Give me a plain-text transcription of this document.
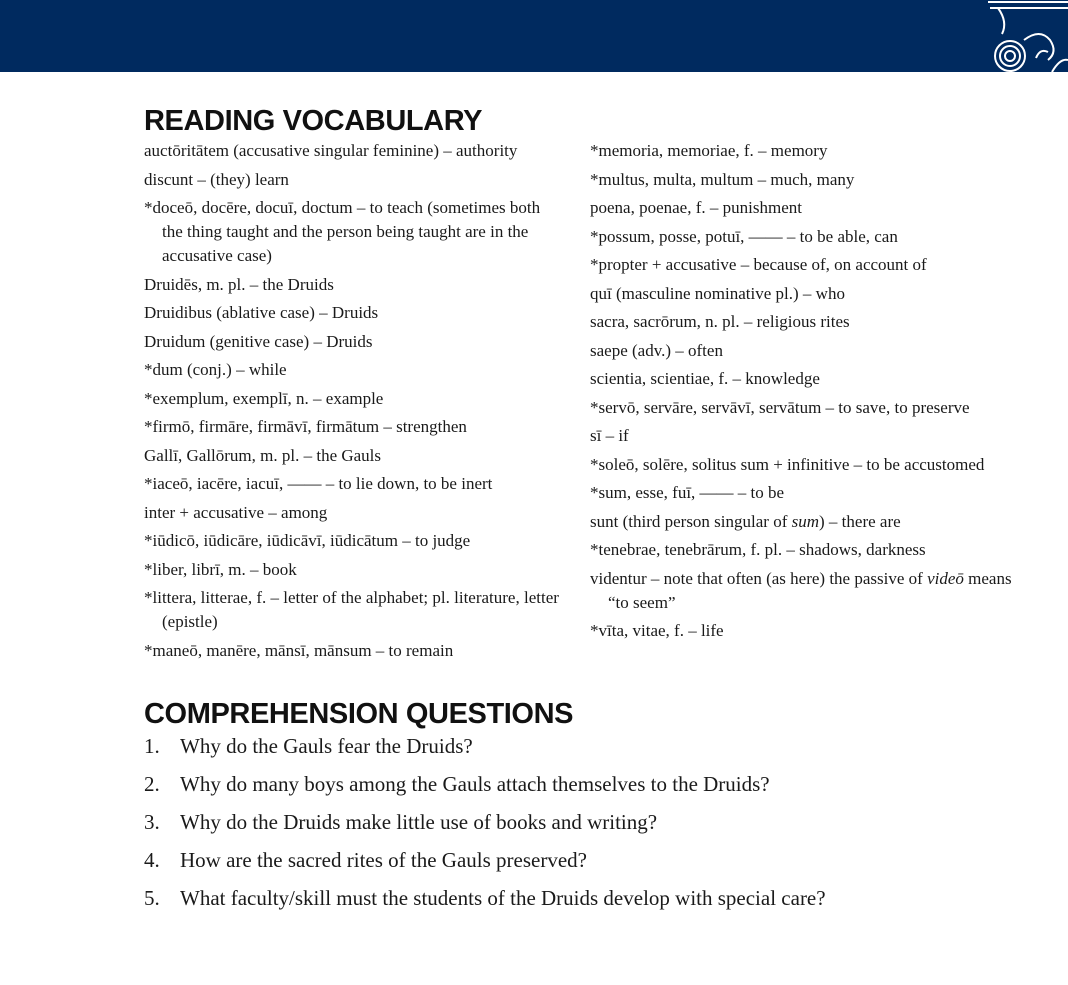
READING VOCABULARY
auctōritātem (accusative singular feminine) – authority
discunt – (they) learn
*doceō, docēre, docuī, doctum – to teach (sometimes both the thing taught and the person being taught are in the accusative case)
Druidēs, m. pl. – the Druids
Druidibus (ablative case) – Druids
Druidum (genitive case) – Druids
*dum (conj.) – while
*exemplum, exemplī, n. – example
*firmō, firmāre, firmāvī, firmātum – strengthen
Gallī, Gallōrum, m. pl. – the Gauls
*iaceō, iacēre, iacuī, —— – to lie down, to be inert
inter + accusative – among
*iūdicō, iūdicāre, iūdicāvī, iūdicātum – to judge
*liber, librī, m. – book
*littera, litterae, f. – letter of the alphabet; pl. literature, letter (epistle)
*maneō, manēre, mānsī, mānsum – to remain
*memoria, memoriae, f. – memory
*multus, multa, multum – much, many
poena, poenae, f. – punishment
*possum, posse, potuī, —— – to be able, can
*propter + accusative – because of, on account of
quī (masculine nominative pl.) – who
sacra, sacrōrum, n. pl. – religious rites
saepe (adv.) – often
scientia, scientiae, f. – knowledge
*servō, servāre, servāvī, servātum – to save, to preserve
sī – if
*soleō, solēre, solitus sum + infinitive – to be accustomed
*sum, esse, fuī, —— – to be
sunt (third person singular of sum) – there are
*tenebrae, tenebrārum, f. pl. – shadows, darkness
videntur – note that often (as here) the passive of videō means “to seem”
*vīta, vitae, f. – life
COMPREHENSION QUESTIONS
1. Why do the Gauls fear the Druids?
2. Why do many boys among the Gauls attach themselves to the Druids?
3. Why do the Druids make little use of books and writing?
4. How are the sacred rites of the Gauls preserved?
5. What faculty/skill must the students of the Druids develop with special care?
